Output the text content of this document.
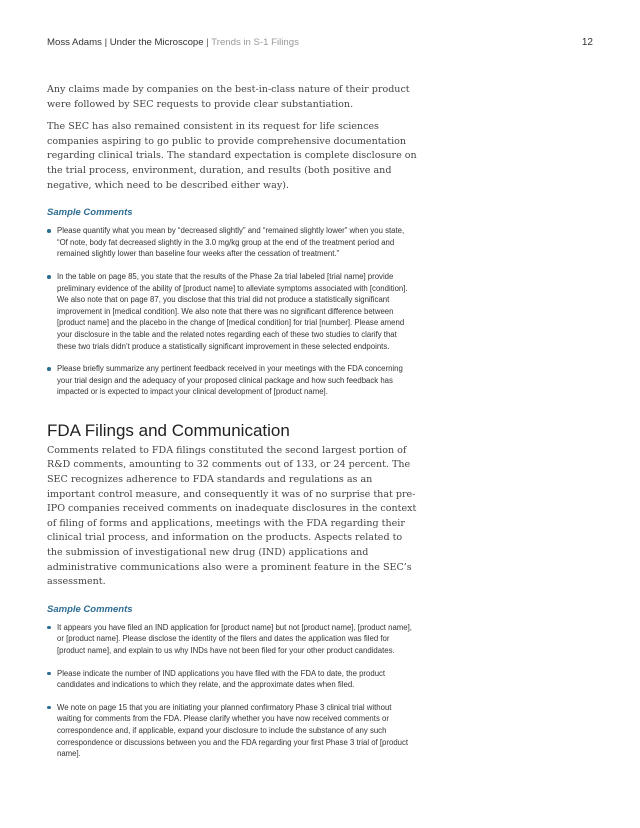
Moss Adams | Under the Microscope | Trends in S-1 Filings	12

Any claims made by companies on the best-in-class nature of their product were followed by SEC requests to provide clear substantiation.

The SEC has also remained consistent in its request for life sciences companies aspiring to go public to provide comprehensive documentation regarding clinical trials. The standard expectation is complete disclosure on the trial process, environment, duration, and results (both positive and negative, which need to be described either way).

Sample Comments
Please quantify what you mean by “decreased slightly” and “remained slightly lower” when you state, “Of note, body fat decreased slightly in the 3.0 mg/kg group at the end of the treatment period and remained slightly lower than baseline four weeks after the cessation of treatment.”
In the table on page 85, you state that the results of the Phase 2a trial labeled [trial name] provide preliminary evidence of the ability of [product name] to alleviate symptoms associated with [condition]. We also note that on page 87, you disclose that this trial did not produce a statistically significant improvement in [medical condition]. We also note that there was no significant difference between [product name] and the placebo in the change of [medical condition] for trial [number]. Please amend your disclosure in the table and the related notes regarding each of these two studies to clarify that these two trials didn’t produce a statistically significant improvement in these selected endpoints.
Please briefly summarize any pertinent feedback received in your meetings with the FDA concerning your trial design and the adequacy of your proposed clinical package and how such feedback has impacted or is expected to impact your clinical development of [product name].
FDA Filings and Communication

Comments related to FDA filings constituted the second largest portion of R&D comments, amounting to 32 comments out of 133, or 24 percent. The SEC recognizes adherence to FDA standards and regulations as an important control measure, and consequently it was of no surprise that pre-IPO companies received comments on inadequate disclosures in the context of filing of forms and applications, meetings with the FDA regarding their clinical trial process, and information on the products. Aspects related to the submission of investigational new drug (IND) applications and administrative communications also were a prominent feature in the SEC’s assessment.

Sample Comments
It appears you have filed an IND application for [product name] but not [product name], [product name], or [product name]. Please disclose the identity of the filers and dates the application was filed for [product name], and explain to us why INDs have not been filed for your other product candidates.
Please indicate the number of IND applications you have filed with the FDA to date, the product candidates and indications to which they relate, and the approximate dates when filed.
We note on page 15 that you are initiating your planned confirmatory Phase 3 clinical trial without waiting for comments from the FDA. Please clarify whether you have now received comments or correspondence and, if applicable, expand your disclosure to include the substance of any such correspondence or discussions between you and the FDA regarding your first Phase 3 trial of [product name].
